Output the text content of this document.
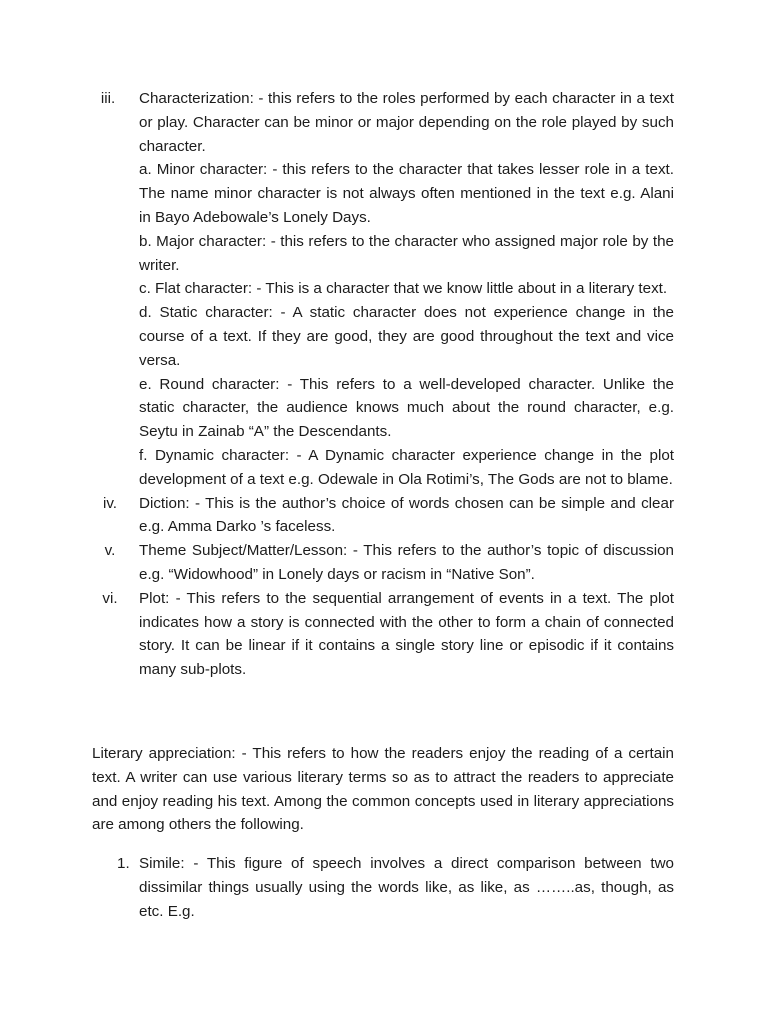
iii.	Characterization: - this refers to the roles performed by each character in a text or play. Character can be minor or major depending on the role played by such character.

a. Minor character: - this refers to the character that takes lesser role in a text. The name minor character is not always often mentioned in the text e.g. Alani in Bayo Adebowale’s Lonely Days.

b. Major character: - this refers to the character who assigned major role by the writer.

c. Flat character: - This is a character that we know little about in a literary text.

d. Static character: - A static character does not experience change in the course of a text. If they are good, they are good throughout the text and vice versa.

e. Round character: - This refers to a well-developed character. Unlike the static character, the audience knows much about the round character, e.g. Seytu in Zainab “A” the Descendants.

f. Dynamic character: - A Dynamic character experience change in the plot development of a text e.g. Odewale in Ola Rotimi’s, The Gods are not to blame.

iv.	Diction: - This is the author’s choice of words chosen can be simple and clear e.g. Amma Darko ’s faceless.

v.	Theme Subject/Matter/Lesson: - This refers to the author’s topic of discussion e.g. “Widowhood” in Lonely days or racism in “Native Son”.

vi.	Plot: - This refers to the sequential arrangement of events in a text. The plot indicates how a story is connected with the other to form a chain of connected story. It can be linear if it contains a single story line or episodic if it contains many sub-plots.

Literary appreciation: - This refers to how the readers enjoy the reading of a certain text. A writer can use various literary terms so as to attract the readers to appreciate and enjoy reading his text. Among the common concepts used in literary appreciations are among others the following.

1. Simile: - This figure of speech involves a direct comparison between two dissimilar things usually using the words like, as like, as ……..as, though, as etc. E.g.
